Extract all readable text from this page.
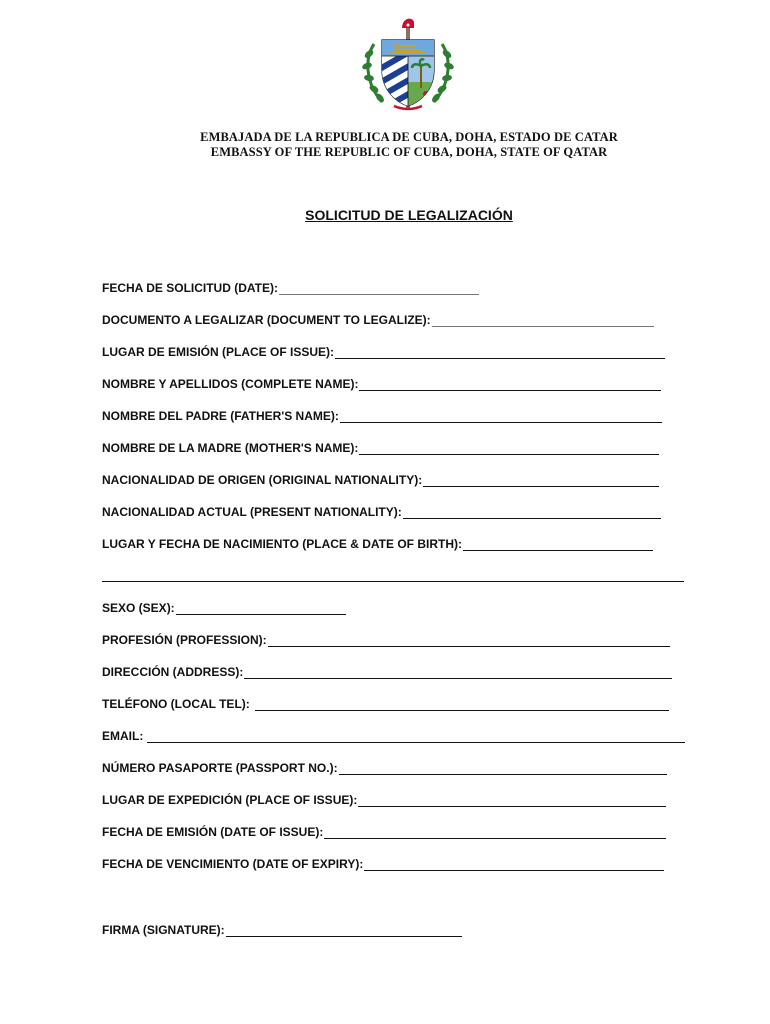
EMBAJADA DE LA REPUBLICA DE CUBA, DOHA, ESTADO DE CATAR
EMBASSY OF THE REPUBLIC OF CUBA, DOHA, STATE OF QATAR
SOLICITUD DE LEGALIZACIÓN
FECHA DE SOLICITUD (DATE):
DOCUMENTO A LEGALIZAR (DOCUMENT TO LEGALIZE):
LUGAR DE EMISIÓN (PLACE OF ISSUE):
NOMBRE Y APELLIDOS (COMPLETE NAME):
NOMBRE DEL PADRE (FATHER'S NAME):
NOMBRE DE LA MADRE (MOTHER'S NAME):
NACIONALIDAD DE ORIGEN (ORIGINAL NATIONALITY):
NACIONALIDAD ACTUAL (PRESENT NATIONALITY):
LUGAR Y FECHA DE NACIMIENTO (PLACE & DATE OF BIRTH):
SEXO (SEX):
PROFESIÓN (PROFESSION):
DIRECCIÓN (ADDRESS):
TELÉFONO (LOCAL TEL):
EMAIL:
NÚMERO PASAPORTE (PASSPORT NO.):
LUGAR DE EXPEDICIÓN (PLACE OF ISSUE):
FECHA DE EMISIÓN (DATE OF ISSUE):
FECHA DE VENCIMIENTO (DATE OF EXPIRY):
FIRMA (SIGNATURE):
